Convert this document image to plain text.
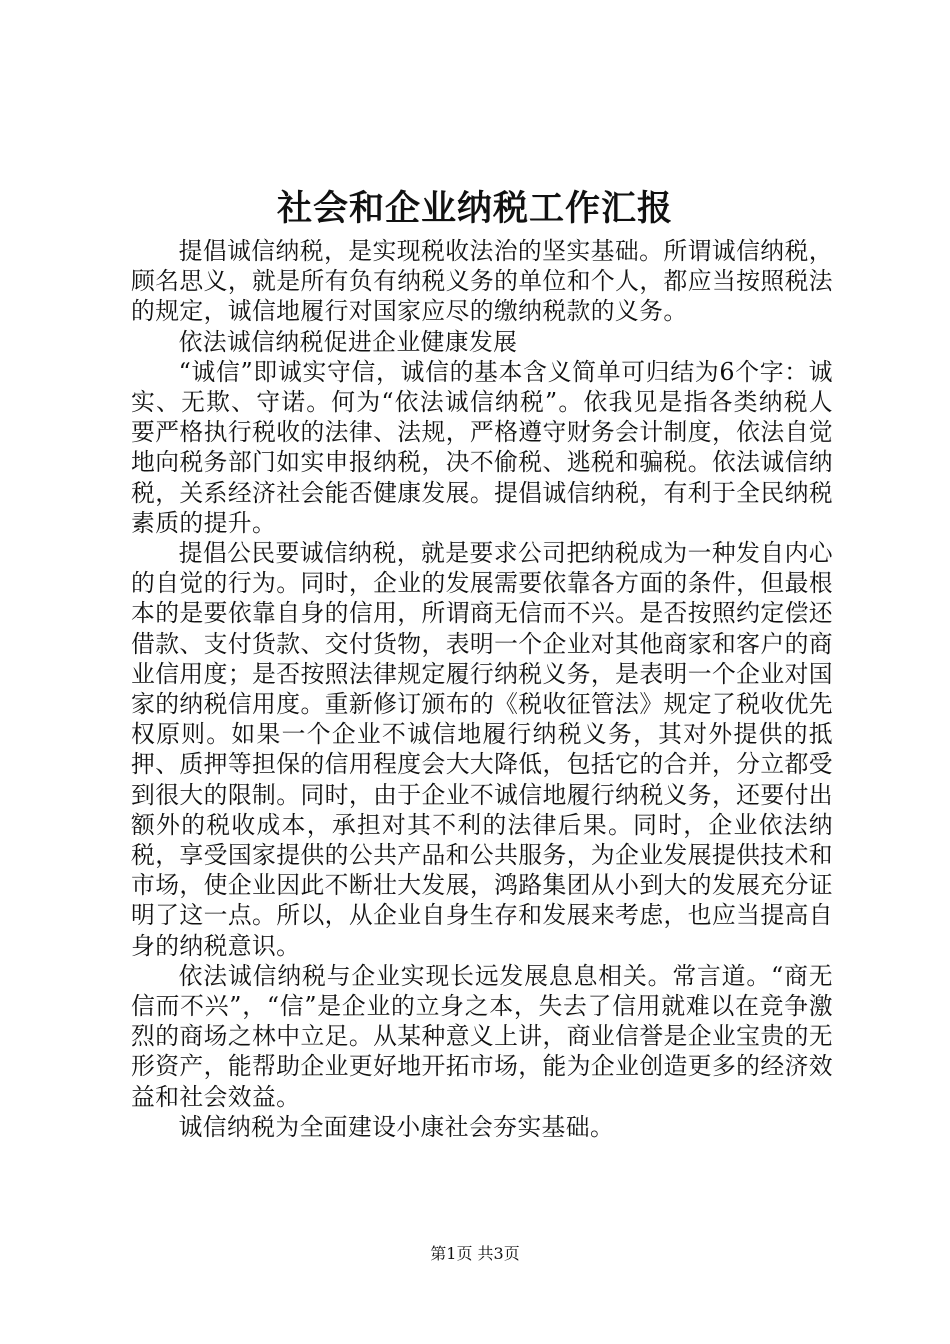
社会和企业纳税工作汇报

提倡诚信纳税，是实现税收法治的坚实基础。所谓诚信纳税，顾名思义，就是所有负有纳税义务的单位和个人，都应当按照税法的规定，诚信地履行对国家应尽的缴纳税款的义务。

依法诚信纳税促进企业健康发展

“诚信”即诚实守信，诚信的基本含义简单可归结为6个字：诚实、无欺、守诺。何为“依法诚信纳税”。依我见是指各类纳税人要严格执行税收的法律、法规，严格遵守财务会计制度，依法自觉地向税务部门如实申报纳税，决不偷税、逃税和骗税。依法诚信纳税，关系经济社会能否健康发展。提倡诚信纳税，有利于全民纳税素质的提升。

提倡公民要诚信纳税，就是要求公司把纳税成为一种发自内心的自觉的行为。同时，企业的发展需要依靠各方面的条件，但最根本的是要依靠自身的信用，所谓商无信而不兴。是否按照约定偿还借款、支付货款、交付货物，表明一个企业对其他商家和客户的商业信用度；是否按照法律规定履行纳税义务，是表明一个企业对国家的纳税信用度。重新修订颁布的《税收征管法》规定了税收优先权原则。如果一个企业不诚信地履行纳税义务，其对外提供的抵押、质押等担保的信用程度会大大降低，包括它的合并，分立都受到很大的限制。同时，由于企业不诚信地履行纳税义务，还要付出额外的税收成本，承担对其不利的法律后果。同时，企业依法纳税，享受国家提供的公共产品和公共服务，为企业发展提供技术和市场，使企业因此不断壮大发展，鸿路集团从小到大的发展充分证明了这一点。所以，从企业自身生存和发展来考虑，也应当提高自身的纳税意识。

依法诚信纳税与企业实现长远发展息息相关。常言道。“商无信而不兴”，“信”是企业的立身之本，失去了信用就难以在竞争激烈的商场之林中立足。从某种意义上讲，商业信誉是企业宝贵的无形资产，能帮助企业更好地开拓市场，能为企业创造更多的经济效益和社会效益。

诚信纳税为全面建设小康社会夯实基础。

第1页 共3页
